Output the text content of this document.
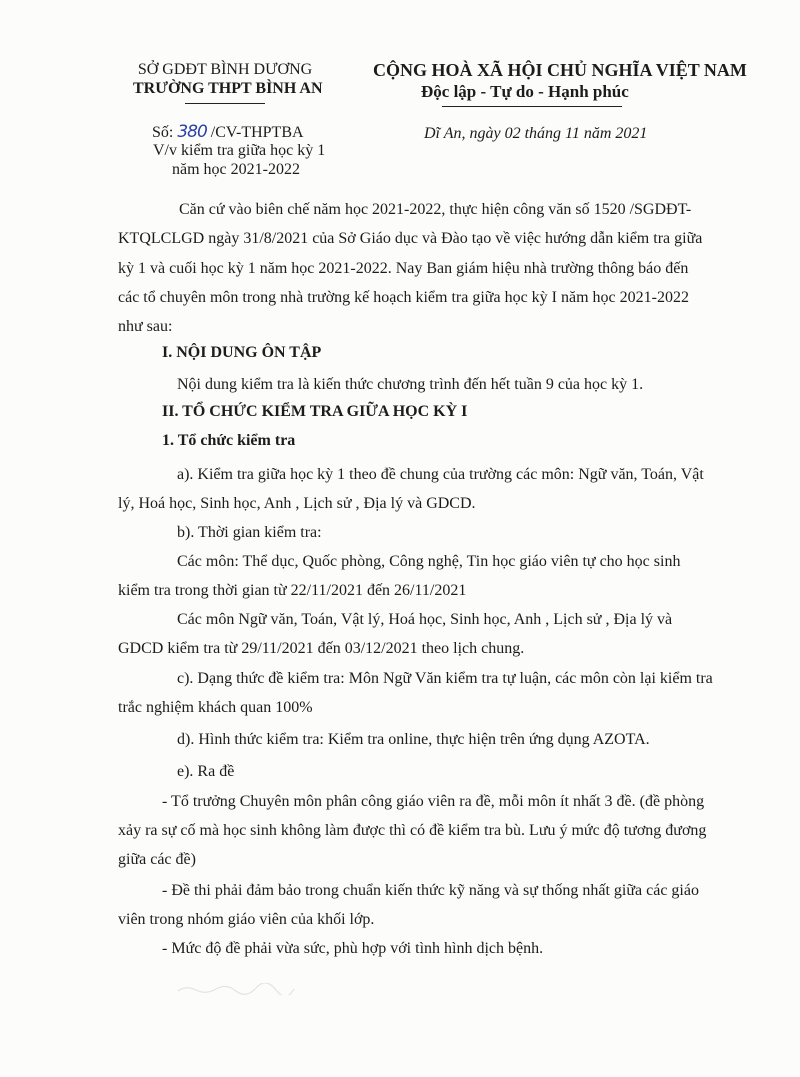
SỞ GDĐT BÌNH DƯƠNG
TRƯỜNG THPT BÌNH AN
CỘNG HOÀ XÃ HỘI CHỦ NGHĨA VIỆT NAM
Độc lập - Tự do - Hạnh phúc
Số: 380 /CV-THPTBA
V/v kiểm tra giữa học kỳ 1
năm học 2021-2022
Dĩ An, ngày 02 tháng 11 năm 2021
Căn cứ vào biên chế năm học 2021-2022, thực hiện công văn số 1520 /SGDĐT-
KTQLCLGD ngày 31/8/2021 của Sở Giáo dục và Đào tạo về việc hướng dẫn kiểm tra giữa
kỳ 1 và cuối học kỳ 1 năm học 2021-2022. Nay Ban giám hiệu nhà trường thông báo đến
các tổ chuyên môn trong nhà trường kế hoạch kiểm tra giữa học kỳ I năm học 2021-2022
như sau:
I. NỘI DUNG ÔN TẬP
Nội dung kiểm tra là kiến thức chương trình đến hết tuần 9 của học kỳ 1.
II. TỔ CHỨC KIỂM TRA GIỮA HỌC KỲ I
1. Tổ chức kiểm tra
a). Kiểm tra giữa học kỳ 1 theo đề chung của trường các môn: Ngữ văn, Toán, Vật
lý, Hoá học, Sinh học, Anh , Lịch sử , Địa lý và GDCD.
b). Thời gian kiểm tra:
Các môn: Thể dục, Quốc phòng, Công nghệ, Tin học giáo viên tự cho học sinh
kiểm tra trong thời gian từ 22/11/2021 đến 26/11/2021
Các môn Ngữ văn, Toán, Vật lý, Hoá học, Sinh học, Anh , Lịch sử , Địa lý và
GDCD kiểm tra từ 29/11/2021 đến 03/12/2021 theo lịch chung.
c). Dạng thức đề kiểm tra: Môn Ngữ Văn kiểm tra tự luận, các môn còn lại kiểm tra
trắc nghiệm khách quan 100%
d). Hình thức kiểm tra: Kiểm tra online, thực hiện trên ứng dụng AZOTA.
e). Ra đề
- Tổ trưởng Chuyên môn phân công giáo viên ra đề, mỗi môn ít nhất 3 đề. (đề phòng
xảy ra sự cố mà học sinh không làm được thì có đề kiểm tra bù. Lưu ý mức độ tương đương
giữa các đề)
- Đề thi phải đảm bảo trong chuẩn kiến thức kỹ năng và sự thống nhất giữa các giáo
viên trong nhóm giáo viên của khối lớp.
- Mức độ đề phải vừa sức, phù hợp với tình hình dịch bệnh.
